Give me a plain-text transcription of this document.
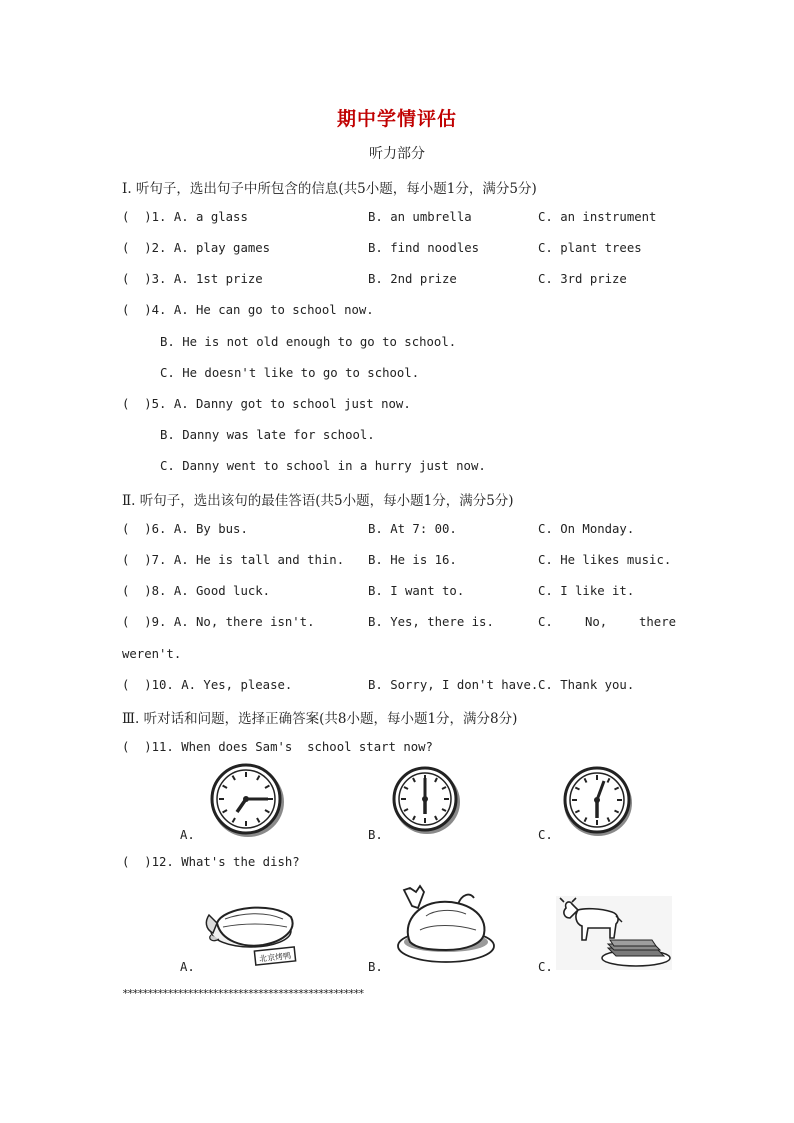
期中学情评估
听力部分
Ⅰ. 听句子，选出句子中所包含的信息(共5小题，每小题1分，满分5分)
(  )1. A. a glass	B. an umbrella	C. an instrument
(  )2. A. play games	B. find noodles	C. plant trees
(  )3. A. 1st prize	B. 2nd prize	C. 3rd prize
(  )4. A. He can go to school now.
B. He is not old enough to go to school.
C. He doesn't like to go to school.
(  )5. A. Danny got to school just now.
B. Danny was late for school.
C. Danny went to school in a hurry just now.
Ⅱ. 听句子，选出该句的最佳答语(共5小题，每小题1分，满分5分)
(  )6. A. By bus.	B. At 7: 00.	C. On Monday.
(  )7. A. He is tall and thin. B. He is 16.	C. He likes music.
(  )8. A. Good luck.	B. I want to.	C. I like it.
(  )9. A. No, there isn't.	B. Yes, there is.	C.	No,	there
weren't.
(  )10. A. Yes, please.	B. Sorry, I don't have. C. Thank you.
Ⅲ. 听对话和问题，选择正确答案(共8小题，每小题1分，满分8分)
(  )11. When does Sam's  school start now?
A.	B.	C.
(  )12. What's the dish?
北京烤鸭
A.	B.	C.
************************************************
